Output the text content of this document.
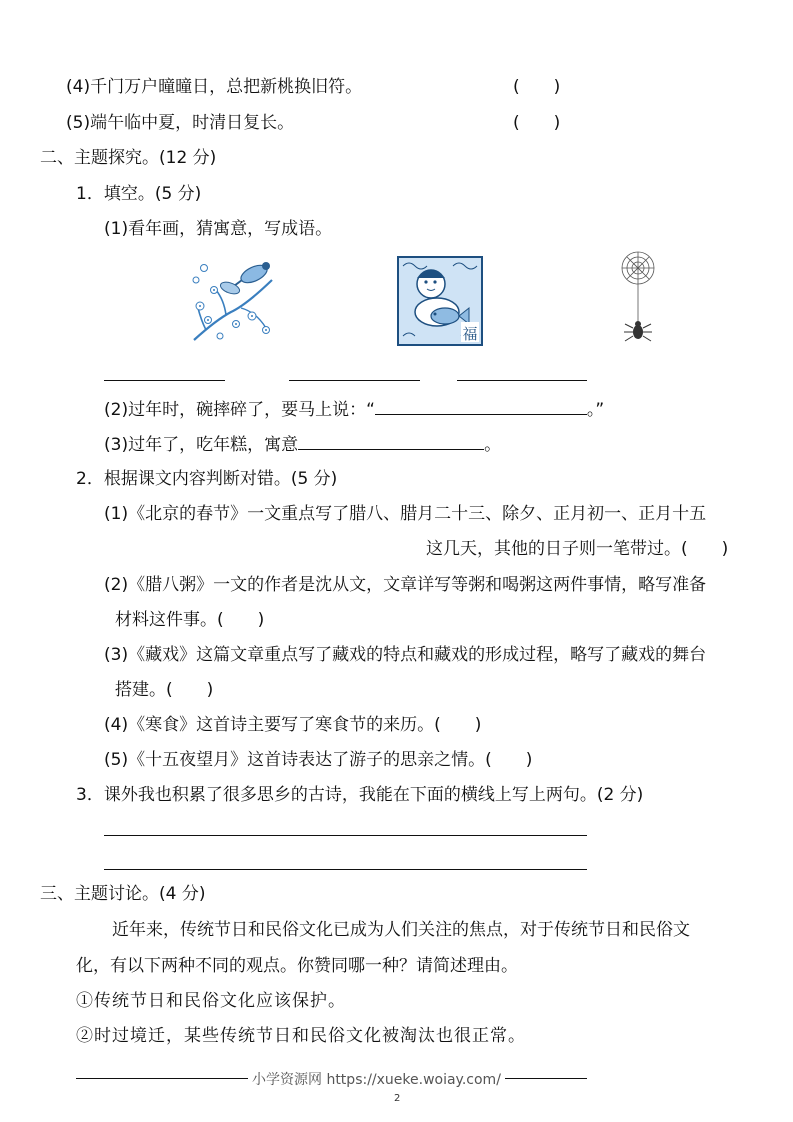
(4)千门万户曈曈日，总把新桃换旧符。	(　　)
(5)端午临中夏，时清日复长。	(　　)
二、主题探究。(12 分)
1．填空。(5 分)
(1)看年画，猜寓意，写成语。
福
(2)过年时，碗摔碎了，要马上说：“	。”
(3)过年了，吃年糕，寓意	。
2．根据课文内容判断对错。(5 分)
(1)《北京的春节》一文重点写了腊八、腊月二十三、除夕、正月初一、正月十五
这几天，其他的日子则一笔带过。(　　)
(2)《腊八粥》一文的作者是沈从文，文章详写等粥和喝粥这两件事情，略写准备
材料这件事。(　　)
(3)《藏戏》这篇文章重点写了藏戏的特点和藏戏的形成过程，略写了藏戏的舞台
搭建。(　　)
(4)《寒食》这首诗主要写了寒食节的来历。(　　)
(5)《十五夜望月》这首诗表达了游子的思亲之情。(　　)
3．课外我也积累了很多思乡的古诗，我能在下面的横线上写上两句。(2 分)
三、主题讨论。(4 分)
近年来，传统节日和民俗文化已成为人们关注的焦点，对于传统节日和民俗文
化，有以下两种不同的观点。你赞同哪一种？请简述理由。
①传统节日和民俗文化应该保护。
②时过境迁，某些传统节日和民俗文化被淘汰也很正常。
小学资源网 https://xueke.woiay.com/
2
